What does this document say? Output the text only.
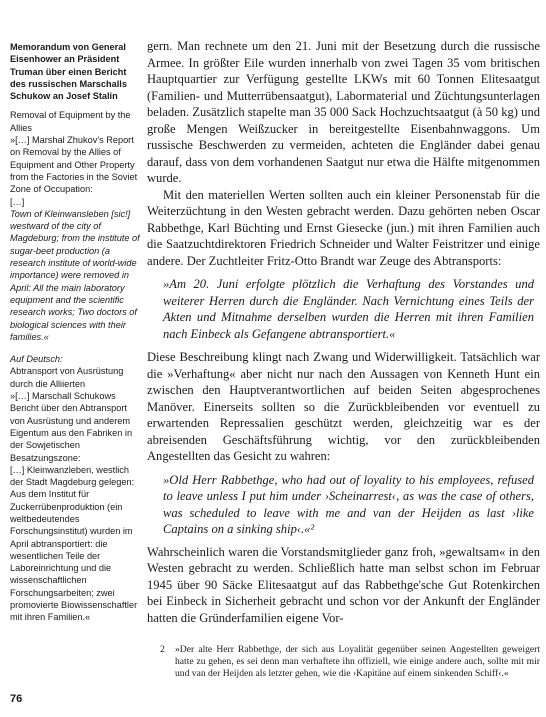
Memorandum von General Eisenhower an Präsident Truman über einen Bericht des russischen Marschalls Schukow an Josef Stalin

Removal of Equipment by the Allies

»[…] Marshal Zhukov's Report on Removal by the Allies of Equipment and Other Property from the Factories in the Soviet Zone of Occupation:

[…]

Town of Kleinwansleben [sic!] westward of the city of Magdeburg; from the institute of sugar-beet production (a research institute of world-wide importance) were removed in April: All the main laboratory equipment and the scientific research works; Two doctors of biological sciences with their families.«

Auf Deutsch:

Abtransport von Ausrüstung durch die Alliierten

»[…] Marschall Schukows Bericht über den Abtransport von Ausrüstung und anderem Eigentum aus den Fabriken in der Sowjetischen Besatzungszone:

[…] Kleinwanzleben, westlich der Stadt Magdeburg gelegen: Aus dem Institut für Zuckerrübenproduktion (ein weltbedeutendes Forschungsinstitut) wurden im April abtransportiert: die wesentlichen Teile der Laboreinrichtung und die wissenschaftlichen Forschungsarbeiten; zwei promovierte Biowissenschaftler mit ihren Familien.«

gern. Man rechnete um den 21. Juni mit der Besetzung durch die russische Armee. In größter Eile wurden innerhalb von zwei Tagen 35 vom britischen Hauptquartier zur Verfügung gestellte LKWs mit 60 Tonnen Elitesaatgut (Familien- und Mutterrübensaatgut), Labormaterial und Züchtungsunterlagen beladen. Zusätzlich stapelte man 35 000 Sack Hochzuchtsaatgut (à 50 kg) und große Mengen Weißzucker in bereitgestellte Eisenbahnwaggons. Um russische Beschwerden zu vermeiden, achteten die Engländer dabei genau darauf, dass von dem vorhandenen Saatgut nur etwa die Hälfte mitgenommen wurde.

Mit den materiellen Werten sollten auch ein kleiner Personenstab für die Weiterzüchtung in den Westen gebracht werden. Dazu gehörten neben Oscar Rabbethge, Karl Büchting und Ernst Giesecke (jun.) mit ihren Familien auch die Saatzuchtdirektoren Friedrich Schneider und Walter Feistritzer und einige andere. Der Zuchtleiter Fritz-Otto Brandt war Zeuge des Abtransports:

»Am 20. Juni erfolgte plötzlich die Verhaftung des Vorstandes und weiterer Herren durch die Engländer. Nach Vernichtung eines Teils der Akten und Mitnahme derselben wurden die Herren mit ihren Familien nach Einbeck als Gefangene abtransportiert.«

Diese Beschreibung klingt nach Zwang und Widerwilligkeit. Tatsächlich war die »Verhaftung« aber nicht nur nach den Aussagen von Kenneth Hunt ein zwischen den Hauptverantwortlichen auf beiden Seiten abgesprochenes Manöver. Einerseits sollten so die Zurückbleibenden vor eventuell zu erwartenden Repressalien geschützt werden, gleichzeitig war es der abreisenden Geschäftsführung wichtig, vor den zurückbleibenden Angestellten das Gesicht zu wahren:

»Old Herr Rabbethge, who had out of loyality to his employees, refused to leave unless I put him under ›Scheinarrest‹, as was the case of others, was scheduled to leave with me and van der Heijden as last ›like Captains on a sinking ship‹.«²

Wahrscheinlich waren die Vorstandsmitglieder ganz froh, »gewaltsam« in den Westen gebracht zu werden. Schließlich hatte man selbst schon im Februar 1945 über 90 Säcke Elitesaatgut auf das Rabbethge'sche Gut Rotenkirchen bei Einbeck in Sicherheit gebracht und schon vor der Ankunft der Engländer hatten die Gründerfamilien eigene Vor-

2 »Der alte Herr Rabbethge, der sich aus Loyalität gegenüber seinen Angestellten geweigert hatte zu gehen, es sei denn man verhaftete ihn offiziell, wie einige andere auch, sollte mit mir und van der Heijden als letzter gehen, wie die ›Kapitäne auf einem sinkenden Schiff‹.«
76
